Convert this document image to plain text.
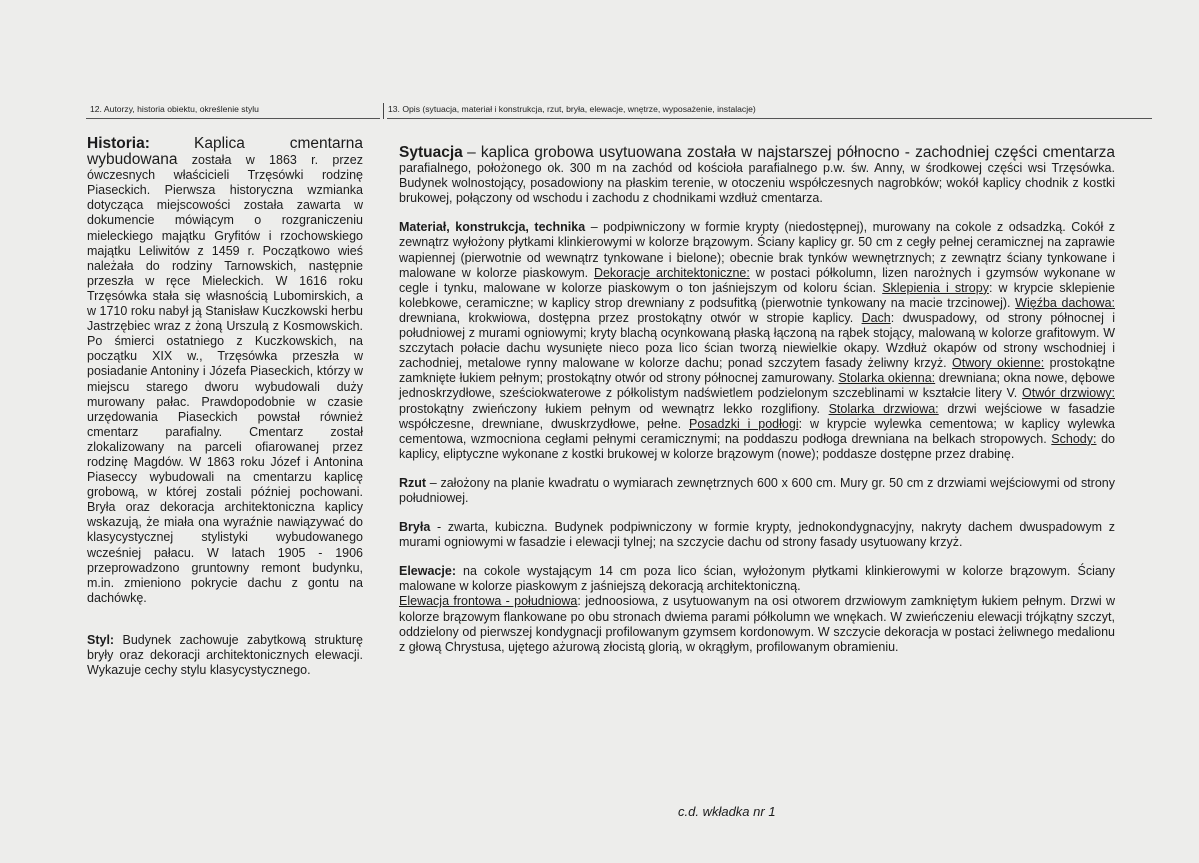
12. Autorzy, historia obiektu, określenie stylu	13. Opis (sytuacja, materiał i konstrukcja, rzut, bryła, elewacje, wnętrze, wyposażenie, instalacje)

Historia:	Kaplica cmentarna wybudowana została w 1863 r. przez ówczesnych właścicieli Trzęsówki rodzinę Piaseckich. Pierwsza historyczna wzmianka dotycząca miejscowości została zawarta w dokumencie mówiącym o rozgraniczeniu mieleckiego majątku Gryfitów i rzochowskiego majątku Leliwitów z 1459 r. Początkowo wieś należała do rodziny Tarnowskich, następnie przeszła w ręce Mieleckich. W 1616 roku Trzęsówka stała się własnością Lubomirskich, a w 1710 roku nabył ją Stanisław Kuczkowski herbu Jastrzębiec wraz z żoną Urszulą z Kosmowskich. Po śmierci ostatniego z Kuczkowskich, na początku XIX w., Trzęsówka przeszła w posiadanie Antoniny i Józefa Piaseckich, którzy w miejscu starego dworu wybudowali duży murowany pałac. Prawdopodobnie w czasie urzędowania Piaseckich powstał również cmentarz parafialny. Cmentarz został zlokalizowany na parceli ofiarowanej przez rodzinę Magdów. W 1863 roku Józef i Antonina Piaseccy wybudowali na cmentarzu kaplicę grobową, w której zostali później pochowani. Bryła oraz dekoracja architektoniczna kaplicy wskazują, że miała ona wyraźnie nawiązywać do klasycystycznej stylistyki wybudowanego wcześniej pałacu. W latach 1905 - 1906 przeprowadzono gruntowny remont budynku, m.in. zmieniono pokrycie dachu z gontu na dachówkę.

Styl: Budynek zachowuje zabytkową strukturę bryły oraz dekoracji architektonicznych elewacji. Wykazuje cechy stylu klasycystycznego.

Sytuacja – kaplica grobowa usytuowana została w najstarszej północno - zachodniej części cmentarza parafialnego, położonego ok. 300 m na zachód od kościoła parafialnego p.w. św. Anny, w środkowej części wsi Trzęsówka. Budynek wolnostojący, posadowiony na płaskim terenie, w otoczeniu współczesnych nagrobków; wokół kaplicy chodnik z kostki brukowej, połączony od wschodu i zachodu z chodnikami wzdłuż cmentarza.

Materiał, konstrukcja, technika – podpiwniczony w formie krypty (niedostępnej), murowany na cokole z odsadzką. Cokół z zewnątrz wyłożony płytkami klinkierowymi w kolorze brązowym. Ściany kaplicy gr. 50 cm z cegły pełnej ceramicznej na zaprawie wapiennej (pierwotnie od wewnątrz tynkowane i bielone); obecnie brak tynków wewnętrznych; z zewnątrz ściany tynkowane i malowane w kolorze piaskowym. Dekoracje architektoniczne: w postaci półkolumn, lizen narożnych i gzymsów wykonane w cegle i tynku, malowane w kolorze piaskowym o ton jaśniejszym od koloru ścian. Sklepienia i stropy: w krypcie sklepienie kolebkowe, ceramiczne; w kaplicy strop drewniany z podsufitką (pierwotnie tynkowany na macie trzcinowej). Więźba dachowa: drewniana, krokwiowa, dostępna przez prostokątny otwór w stropie kaplicy. Dach: dwuspadowy, od strony północnej i południowej z murami ogniowymi; kryty blachą ocynkowaną płaską łączoną na rąbek stojący, malowaną w kolorze grafitowym. W szczytach połacie dachu wysunięte nieco poza lico ścian tworzą niewielkie okapy. Wzdłuż okapów od strony wschodniej i zachodniej, metalowe rynny malowane w kolorze dachu; ponad szczytem fasady żeliwny krzyż. Otwory okienne: prostokątne zamknięte łukiem pełnym; prostokątny otwór od strony północnej zamurowany. Stolarka okienna: drewniana; okna nowe, dębowe jednoskrzydłowe, sześciokwaterowe z półkolistym nadświetlem podzielonym szczeblinami w kształcie litery V. Otwór drzwiowy: prostokątny zwieńczony łukiem pełnym od wewnątrz lekko rozglifiony. Stolarka drzwiowa: drzwi wejściowe w fasadzie współczesne, drewniane, dwuskrzydłowe, pełne. Posadzki i podłogi: w krypcie wylewka cementowa; w kaplicy wylewka cementowa, wzmocniona cegłami pełnymi ceramicznymi; na poddaszu podłoga drewniana na belkach stropowych. Schody: do kaplicy, eliptyczne wykonane z kostki brukowej w kolorze brązowym (nowe); poddasze dostępne przez drabinę.

Rzut – założony na planie kwadratu o wymiarach zewnętrznych 600 x 600 cm. Mury gr. 50 cm z drzwiami wejściowymi od strony południowej.

Bryła - zwarta, kubiczna. Budynek podpiwniczony w formie krypty, jednokondygnacyjny, nakryty dachem dwuspadowym z murami ogniowymi w fasadzie i elewacji tylnej; na szczycie dachu od strony fasady usytuowany krzyż.

Elewacje: na cokole wystającym 14 cm poza lico ścian, wyłożonym płytkami klinkierowymi w kolorze brązowym. Ściany malowane w kolorze piaskowym z jaśniejszą dekoracją architektoniczną.

Elewacja frontowa - południowa: jednoosiowa, z usytuowanym na osi otworem drzwiowym zamkniętym łukiem pełnym. Drzwi w kolorze brązowym flankowane po obu stronach dwiema parami półkolumn we wnękach. W zwieńczeniu elewacji trójkątny szczyt, oddzielony od pierwszej kondygnacji profilowanym gzymsem kordonowym. W szczycie dekoracja w postaci żeliwnego medalionu z głową Chrystusa, ujętego ażurową złocistą glorią, w okrągłym, profilowanym obramieniu.

c.d. wkładka nr 1
